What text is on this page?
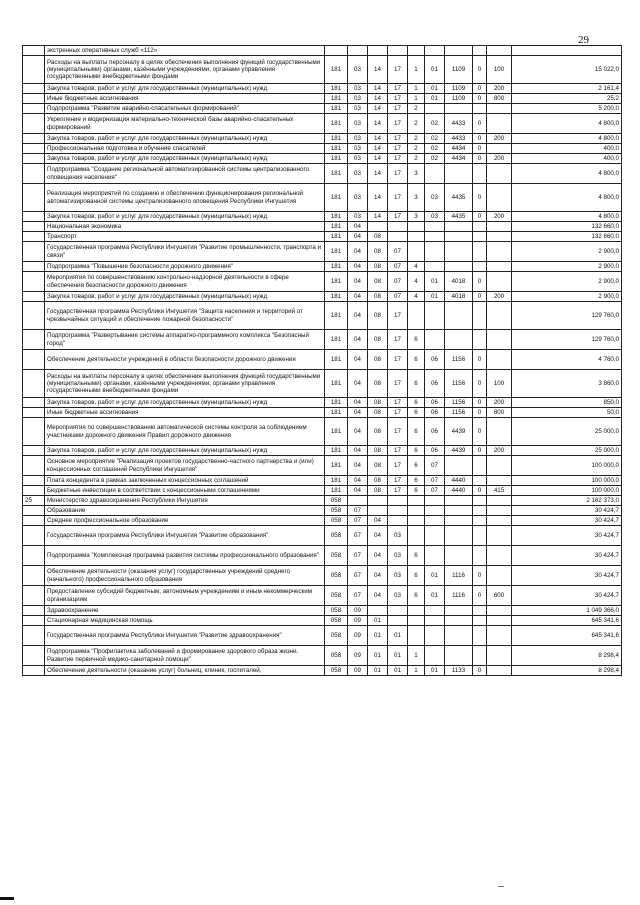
29
	экстренных оперативных служб «112»										
	Расходы на выплаты персоналу в целях обеспечения выполнения функций государственными (муниципальными) органами, казёнными учреждениями, органами управления государственными внебюджетными фондами	181	03	14	17	1	01	1109	0	100	15 022,0
	Закупка товаров, работ и услуг для государственных (муниципальных) нужд	181	03	14	17	1	01	1109	0	200	2 161,4
	Иные бюджетные ассигнования	181	03	14	17	1	01	1109	0	800	25,2
	Подпрограмма "Развитие аварийно-спасательных формирований"	181	03	14	17	2					5 200,0
	Укрепление и модернизация материально-технической базы аварийно-спасательных формирований	181	03	14	17	2	02	4433	0		4 800,0
	Закупка товаров, работ и услуг для государственных (муниципальных) нужд	181	03	14	17	2	02	4433	0	200	4 800,0
	Профессиональная подготовка и обучение спасателей	181	03	14	17	2	02	4434	0		400,0
	Закупка товаров, работ и услуг для государственных (муниципальных) нужд	181	03	14	17	2	02	4434	0	200	400,0
	Подпрограмма "Создание региональной автоматизированной системы централизованного оповещения населения"	181	03	14	17	3					4 800,0
	Реализация мероприятий по созданию и обеспечению функционирования региональной автоматизированной системы централизованного оповещения Республики Ингушетия	181	03	14	17	3	03	4435	0		4 800,0
	Закупка товаров, работ и услуг для государственных (муниципальных) нужд	181	03	14	17	3	03	4435	0	200	4 800,0
	Национальная экономика	181	04								132 660,0
	Транспорт	181	04	08							132 660,0
	Государственная программа Республики Ингушетия "Развитие промышленности, транспорта и связи"	181	04	08	07						2 900,0
	Подпрограмма "Повышение безопасности дорожного движения"	181	04	08	07	4					2 900,0
	Мероприятия по совершенствованию контрольно-надзорной деятельности в сфере обеспечения безопасности дорожного движения	181	04	08	07	4	01	4018	0		2 900,0
	Закупка товаров, работ и услуг для государственных (муниципальных) нужд	181	04	08	07	4	01	4018	0	200	2 900,0
	Государственная программа Республики Ингушетия "Защита населения и территорий от чрезвычайных ситуаций и обеспечение пожарной безопасности"	181	04	08	17						129 760,0
	Подпрограмма "Развертывание системы аппаратно-программного комплекса "Безопасный город"	181	04	08	17	6					129 760,0
	Обеспечение деятельности учреждений в области безопасности дорожного движения	181	04	08	17	6	06	1156	0		4 760,0
	Расходы на выплаты персоналу в целях обеспечения выполнения функций государственными (муниципальными) органами, казёнными учреждениями, органами управления государственными внебюджетными фондами	181	04	08	17	6	06	1156	0	100	3 860,0
	Закупка товаров, работ и услуг для государственных (муниципальных) нужд	181	04	08	17	6	06	1156	0	200	850,0
	Иные бюджетные ассигнования	181	04	08	17	6	06	1156	0	800	50,0
	Мероприятия по совершенствованию автоматической системы контроля за соблюдением участниками дорожного движения Правил дорожного движения	181	04	08	17	6	06	4439	0		25 000,0
	Закупка товаров, работ и услуг для государственных (муниципальных) нужд	181	04	08	17	6	06	4439	0	200	25 000,0
	Основное мероприятие "Реализация проектов государственно-частного партнерства и (или) концессионных соглашений Республики Ингушетия"	181	04	08	17	6	07				100 000,0
	Плата концедента в рамках заключенных концессионных соглашений	181	04	08	17	6	07	4440			100 000,0
	Бюджетные инвестиции в соответствии с концессионными соглашениями	181	04	08	17	6	07	4440	0	415	100 000,0
25	Министерство здравоохранения Республики Ингушетия	058									2 162 373,0
	Образование	058	07								30 424,7
	Среднее профессиональное образование	058	07	04							30 424,7
	Государственная программа Республики Ингушетия "Развитие образования"	058	07	04	03						30 424,7
	Подпрограмма "Комплексная программа развития системы профессионального образования"	058	07	04	03	6					30 424,7
	Обеспечение деятельности (оказания услуг) государственных учреждений среднего (начального) профессионального образования	058	07	04	03	6	01	1116	0		30 424,7
	Предоставление субсидий бюджетным, автономным учреждениям и иным некоммерческим организациям	058	07	04	03	6	01	1116	0	600	30 424,7
	Здравоохранение	058	09								1 049 366,0
	Стационарная медицинская помощь	058	09	01							645 341,6
	Государственная программа Республики Ингушетия "Развитие здравоохранения"	058	09	01	01						645 341,6
	Подпрограмма "Профилактика заболеваний и формирование здорового образа жизни. Развитие первичной медико-санитарной помощи"	058	09	01	01	1					8 298,4
	Обеспечение деятельности (оказание услуг) больниц, клиник, госпиталей,	058	09	01	01	1	01	1133	0		8 298,4
